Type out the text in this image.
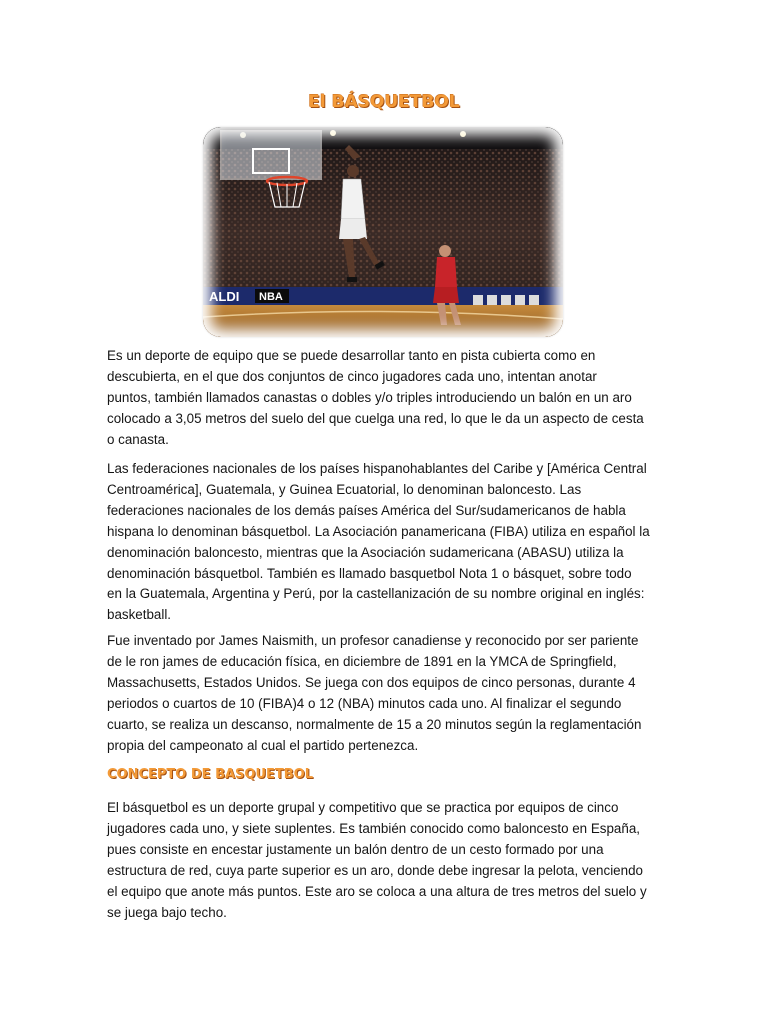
El BÁSQUETBOL
ALDI NBA

Es un deporte de equipo que se puede desarrollar tanto en pista cubierta como en
descubierta, en el que dos conjuntos de cinco jugadores cada uno, intentan anotar
puntos, también llamados canastas o dobles y/o triples introduciendo un balón en un aro
colocado a 3,05 metros del suelo del que cuelga una red, lo que le da un aspecto de cesta
o canasta.

Las federaciones nacionales de los países hispanohablantes del Caribe y [América Central
Centroamérica], Guatemala, y Guinea Ecuatorial, lo denominan baloncesto. Las
federaciones nacionales de los demás países América del Sur/sudamericanos de habla
hispana lo denominan básquetbol. La Asociación panamericana (FIBA) utiliza en español la
denominación baloncesto, mientras que la Asociación sudamericana (ABASU) utiliza la
denominación básquetbol. También es llamado basquetbol Nota 1 o básquet, sobre todo
en la Guatemala, Argentina y Perú, por la castellanización de su nombre original en inglés:
basketball.

Fue inventado por James Naismith, un profesor canadiense y reconocido por ser pariente
de le ron james de educación física, en diciembre de 1891 en la YMCA de Springfield,
Massachusetts, Estados Unidos. Se juega con dos equipos de cinco personas, durante 4
periodos o cuartos de 10 (FIBA)4 o 12 (NBA) minutos cada uno. Al finalizar el segundo
cuarto, se realiza un descanso, normalmente de 15 a 20 minutos según la reglamentación
propia del campeonato al cual el partido pertenezca.

CONCEPTO DE BASQUETBOL

El básquetbol es un deporte grupal y competitivo que se practica por equipos de cinco
jugadores cada uno, y siete suplentes. Es también conocido como baloncesto en España,
pues consiste en encestar justamente un balón dentro de un cesto formado por una
estructura de red, cuya parte superior es un aro, donde debe ingresar la pelota, venciendo
el equipo que anote más puntos. Este aro se coloca a una altura de tres metros del suelo y
se juega bajo techo.
